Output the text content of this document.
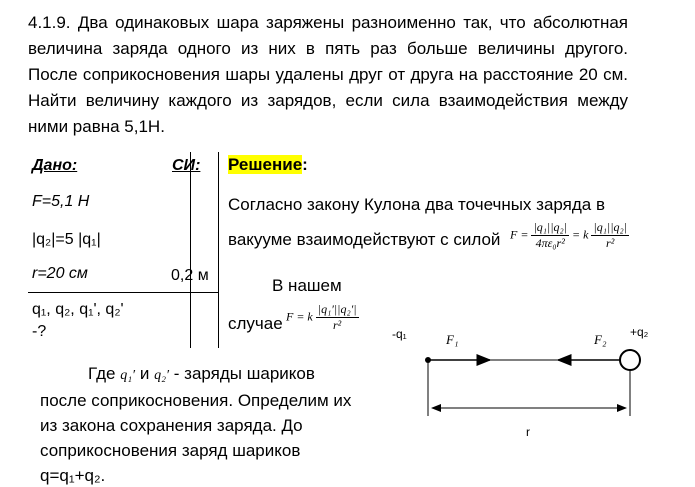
4.1.9. Два одинаковых шара заряжены разноименно так, что абсолютная величина заряда одного из них в пять раз больше величины другого. После соприкосновения шары удалены друг от друга на расстояние 20 см. Найти величину каждого из зарядов, если сила взаимодействия между ними равна 5,1Н.
Дано:	СИ:
F=5,1 H
|q₂|=5 |q₁|
r=20 см	0,2 м
q₁, q₂, q₁', q₂'
-?
Решение:
Согласно закону Кулона два точечных заряда в
вакууме взаимодействуют с силой $F = \frac{\text{|q₁||q₂|}}{\text{4πε₀r²}} = k \frac{\text{|q₁||q₂|}}{\text{r²}}$
В нашем
случае F = k $\frac{\text{|q₁′||q₂′|}}{\text{r²}}$
Где q₁′ и q₂′ - заряды шариков
после соприкосновения. Определим их
из закона сохранения заряда. До
соприкосновения заряд шариков
q=q₁+q₂.
-q₁	+q₂
F₁	F₂
r
